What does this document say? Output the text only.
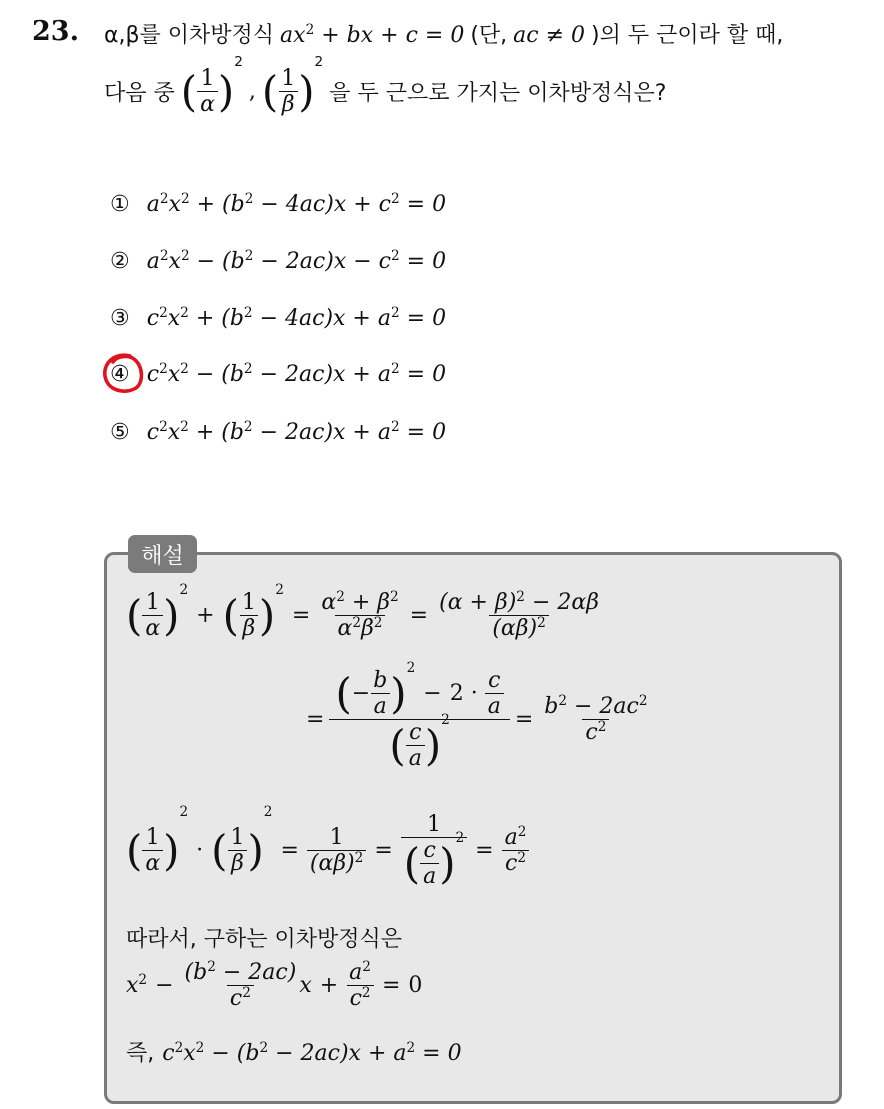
23. α,β를 이차방정식 $ax^2$ + bx + c = 0 (단, ac ≠ 0 )의 두 근이라 할 때,
다음 중 ( $\frac{1}{\alpha}$ )
2
, ( $\frac{1}{\beta}$ )
2
을 두 근으로 가지는 이차방정식은?
① $a^2x^2 + (b^2 - 4ac)x + c^2 = 0$
② $a^2x^2 - (b^2 - 2ac)x - c^2 = 0$
③ $c^2x^2 + (b^2 - 4ac)x + a^2 = 0$
④ $c^2x^2 - (b^2 - 2ac)x + a^2 = 0$
⑤ $c^2x^2 + (b^2 - 2ac)x + a^2 = 0$
해설
( $\frac{1}{\alpha}$ )
2
+ ( $\frac{1}{\beta}$ )
2
= $\frac{\alpha^2 + \beta^2}{\alpha^2\beta^2} = \frac{(\alpha + \beta)^2 - 2\alpha\beta}{(\alpha\beta)^2}$
= ( − $\frac{b}{a}$ )
2
− 2 ·
$\frac{c}{a}$
( $\frac{c}{a}$ )
$2 = \frac{b^2 - 2ac^2}{c^2}$
( $\frac{1}{\alpha}$ )
2
· ( $\frac{1}{\beta}$ )
2
= $\frac{1}{(\alpha\beta)^2} = 1$
( $\frac{c}{a}$ )
$2 = \frac{a^2}{c^2}$
따라서, 구하는 이차방정식은
$x^2 - \frac{(b^2 - 2ac)}{c^2}$ $x + \frac{a^2}{c^2} = 0$
즉, $c^2x^2 - (b^2 - 2ac)x + a^2 = 0$
